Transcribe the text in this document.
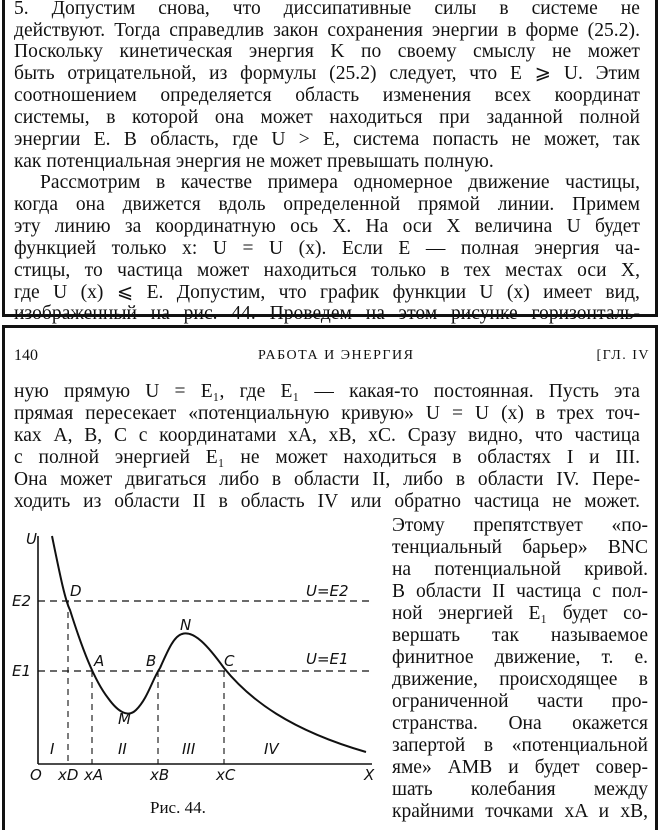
5. Допустим снова, что диссипативные силы в системе не
действуют. Тогда справедлив закон сохранения энергии в форме (25.2).
Поскольку кинетическая энергия K по своему смыслу не может
быть отрицательной, из формулы (25.2) следует, что E ⩾ U. Этим
соотношением определяется область изменения всех координат
системы, в которой она может находиться при заданной полной
энергии E. В область, где U > E, система попасть не может, так
как потенциальная энергия не может превышать полную.
Рассмотрим в качестве примера одномерное движение частицы,
когда она движется вдоль определенной прямой линии. Примем
эту линию за координатную ось X. На оси X величина U будет
функцией только x: U = U (x). Если E — полная энергия ча-
стицы, то частица может находиться только в тех местах оси X,
где U (x) ⩽ E. Допустим, что график функции U (x) имеет вид,
изображенный на рис. 44. Проведем на этом рисунке горизонталь-
140	РАБОТА И ЭНЕРГИЯ	[ГЛ. IV
ную прямую U = E₁, где E₁ — какая-то постоянная. Пусть эта
прямая пересекает «потенциальную кривую» U = U (x) в трех точ-
ках A, B, C с координатами xA, xB, xC. Сразу видно, что частица
с полной энергией E₁ не может находиться в областях I и III.
Она может двигаться либо в области II, либо в области IV. Пере-
ходить из области II в область IV или обратно частица не может.
Этому препятствует «по-
тенциальный барьер» BNC
на потенциальной кривой.
В области II частица с пол-
ной энергией E₁ будет со-
вершать так называемое
финитное движение, т. е.
движение, происходящее в
ограниченной части про-
странства. Она окажется
запертой в «потенциальной
яме» AMB и будет совер-
шать колебания между
крайними точками xA и xB,
U
E2
E1
U=E2
U=E1
D
A	B
N
C
M
I	II	III	IV
O xD xA	xB	xC	X
Рис. 44.
